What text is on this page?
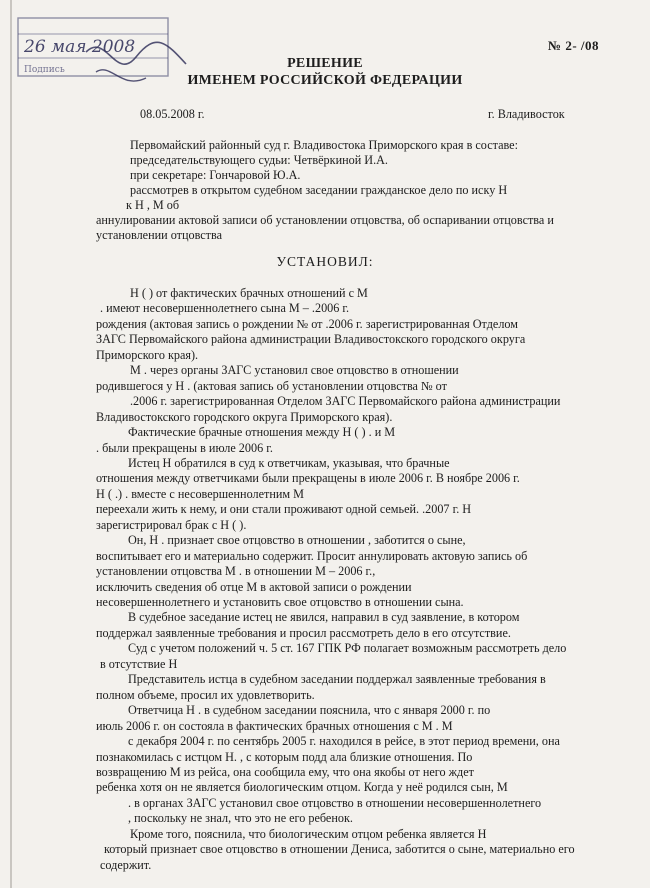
26 мая 2008
Подпись
№ 2- /08
РЕШЕНИЕ
ИМЕНЕМ РОССИЙСКОЙ ФЕДЕРАЦИИ
08.05.2008 г.	г. Владивосток
Первомайский районный суд г. Владивостока Приморского края в составе:
председательствующего судьи: Четвёркиной И.А.
при секретаре: Гончаровой Ю.А.
рассмотрев в открытом судебном заседании гражданское дело по иску Н
к Н , М об
аннулировании актовой записи об установлении отцовства, об оспаривании отцовства и
установлении отцовства
УСТАНОВИЛ:
Н ( ) от фактических брачных отношений с М
. имеют несовершеннолетнего сына М – .2006 г.
рождения (актовая запись о рождении № от .2006 г. зарегистрированная Отделом
ЗАГС Первомайского района администрации Владивостокского городского округа
Приморского края).
М . через органы ЗАГС установил свое отцовство в отношении
родившегося у Н . (актовая запись об установлении отцовства № от
.2006 г. зарегистрированная Отделом ЗАГС Первомайского района администрации
Владивостокского городского округа Приморского края).
Фактические брачные отношения между Н ( ) . и М
. были прекращены в июле 2006 г.
Истец Н обратился в суд к ответчикам, указывая, что брачные
отношения между ответчиками были прекращены в июле 2006 г. В ноябре 2006 г.
Н ( .) . вместе с несовершеннолетним М
переехали жить к нему, и они стали проживают одной семьей. .2007 г. Н
зарегистрировал брак с Н ( ).
Он, Н . признает свое отцовство в отношении , заботится о сыне,
воспитывает его и материально содержит. Просит аннулировать актовую запись об
установлении отцовства М . в отношении М – 2006 г.,
исключить сведения об отце М в актовой записи о рождении
несовершеннолетнего и установить свое отцовство в отношении сына.
В судебное заседание истец не явился, направил в суд заявление, в котором
поддержал заявленные требования и просил рассмотреть дело в его отсутствие.
Суд с учетом положений ч. 5 ст. 167 ГПК РФ полагает возможным рассмотреть дело
в отсутствие Н
Представитель истца в судебном заседании поддержал заявленные требования в
полном объеме, просил их удовлетворить.
Ответчица Н . в судебном заседании пояснила, что с января 2000 г. по
июль 2006 г. он состояла в фактических брачных отношения с М . М
с декабря 2004 г. по сентябрь 2005 г. находился в рейсе, в этот период времени, она
познакомилась с истцом Н. , с которым подд ала близкие отношения. По
возвращению М из рейса, она сообщила ему, что она якобы от него ждет
ребенка хотя он не является биологическим отцом. Когда у неё родился сын, М
. в органах ЗАГС установил свое отцовство в отношении несовершеннолетнего
, поскольку не знал, что это не его ребенок.
Кроме того, пояснила, что биологическим отцом ребенка является Н
который признает свое отцовство в отношении Дениса, заботится о сыне, материально его
содержит.
